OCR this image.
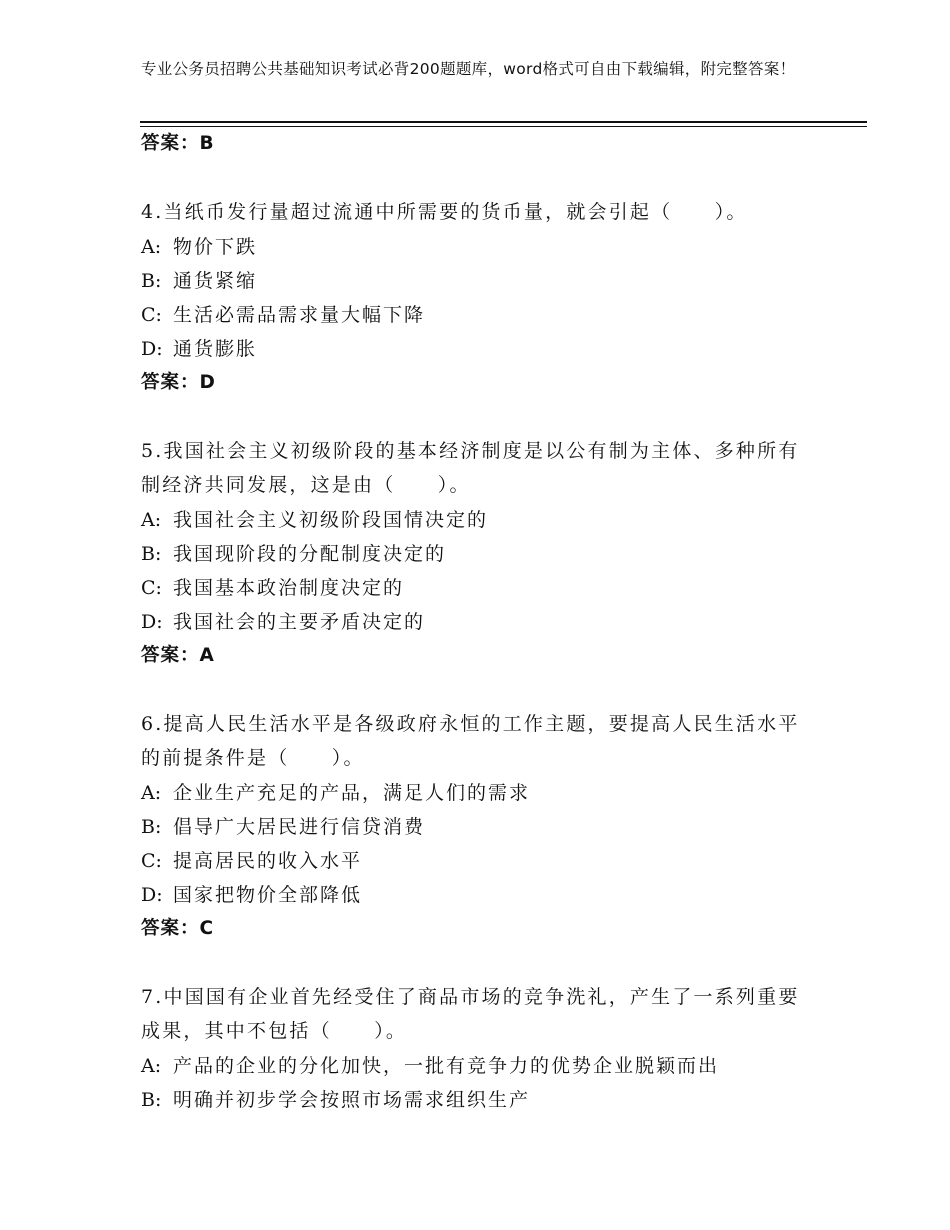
专业公务员招聘公共基础知识考试必背200题题库，word格式可自由下载编辑，附完整答案！
答案：B
4.当纸币发行量超过流通中所需要的货币量，就会引起（　　）。
A: 物价下跌
B: 通货紧缩
C: 生活必需品需求量大幅下降
D: 通货膨胀
答案：D
5.我国社会主义初级阶段的基本经济制度是以公有制为主体、多种所有制经济共同发展，这是由（　　）。
A: 我国社会主义初级阶段国情决定的
B: 我国现阶段的分配制度决定的
C: 我国基本政治制度决定的
D: 我国社会的主要矛盾决定的
答案：A
6.提高人民生活水平是各级政府永恒的工作主题，要提高人民生活水平的前提条件是（　　）。
A: 企业生产充足的产品，满足人们的需求
B: 倡导广大居民进行信贷消费
C: 提高居民的收入水平
D: 国家把物价全部降低
答案：C
7.中国国有企业首先经受住了商品市场的竞争洗礼，产生了一系列重要成果，其中不包括（　　）。
A: 产品的企业的分化加快，一批有竞争力的优势企业脱颖而出
B: 明确并初步学会按照市场需求组织生产
